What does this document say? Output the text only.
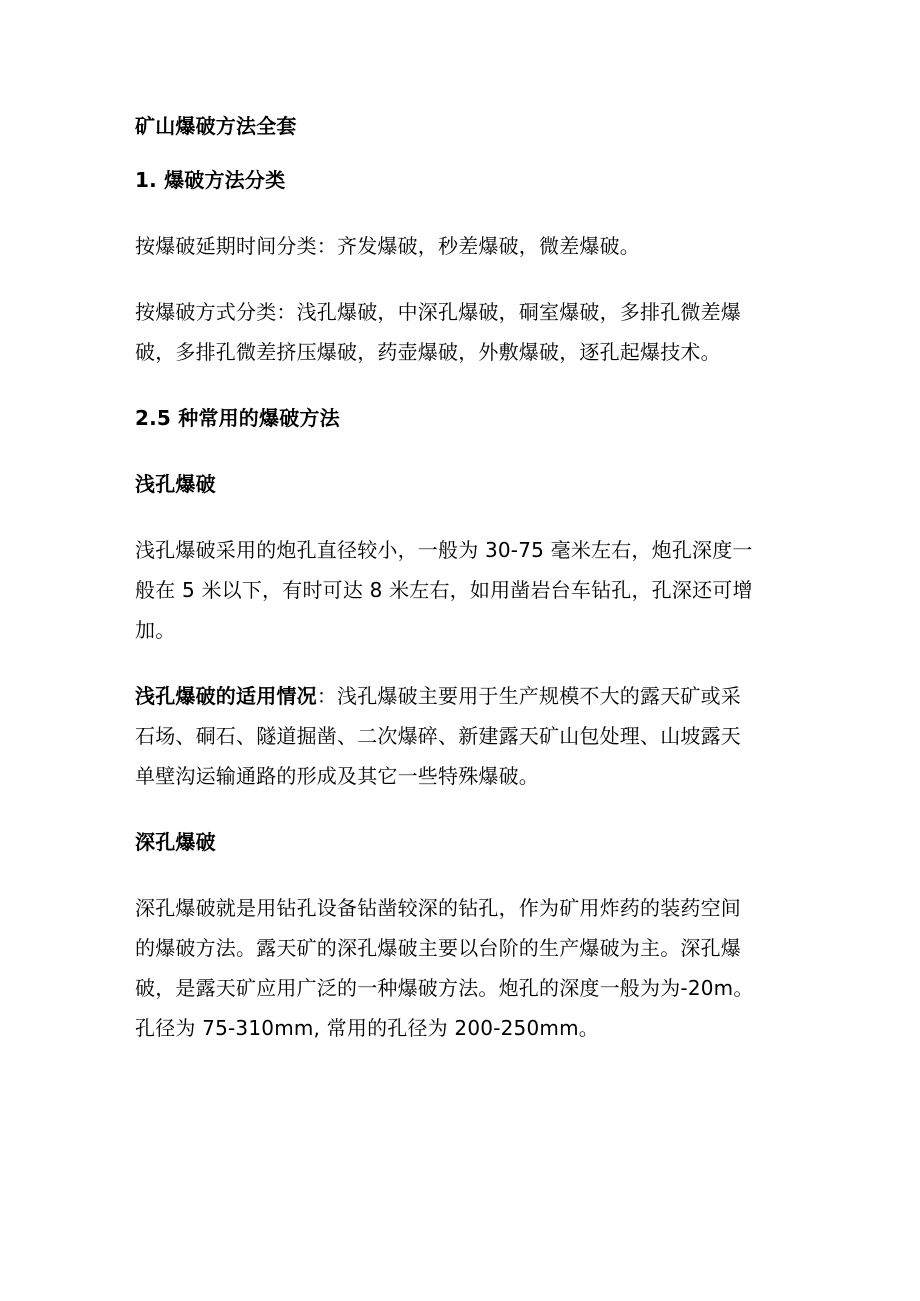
矿山爆破方法全套

1. 爆破方法分类

按爆破延期时间分类：齐发爆破，秒差爆破，微差爆破。

按爆破方式分类：浅孔爆破，中深孔爆破，硐室爆破，多排孔微差爆

破，多排孔微差挤压爆破，药壶爆破，外敷爆破，逐孔起爆技术。

2.5 种常用的爆破方法

浅孔爆破

浅孔爆破采用的炮孔直径较小，一般为 30-75 毫米左右，炮孔深度一

般在 5 米以下，有时可达 8 米左右，如用凿岩台车钻孔，孔深还可增

加。

浅孔爆破的适用情况：浅孔爆破主要用于生产规模不大的露天矿或采

石场、硐石、隧道掘凿、二次爆碎、新建露天矿山包处理、山坡露天

单壁沟运输通路的形成及其它一些特殊爆破。

深孔爆破

深孔爆破就是用钻孔设备钻凿较深的钻孔，作为矿用炸药的装药空间

的爆破方法。露天矿的深孔爆破主要以台阶的生产爆破为主。深孔爆

破，是露天矿应用广泛的一种爆破方法。炮孔的深度一般为为-20m。

孔径为 75-310mm, 常用的孔径为 200-250mm。
